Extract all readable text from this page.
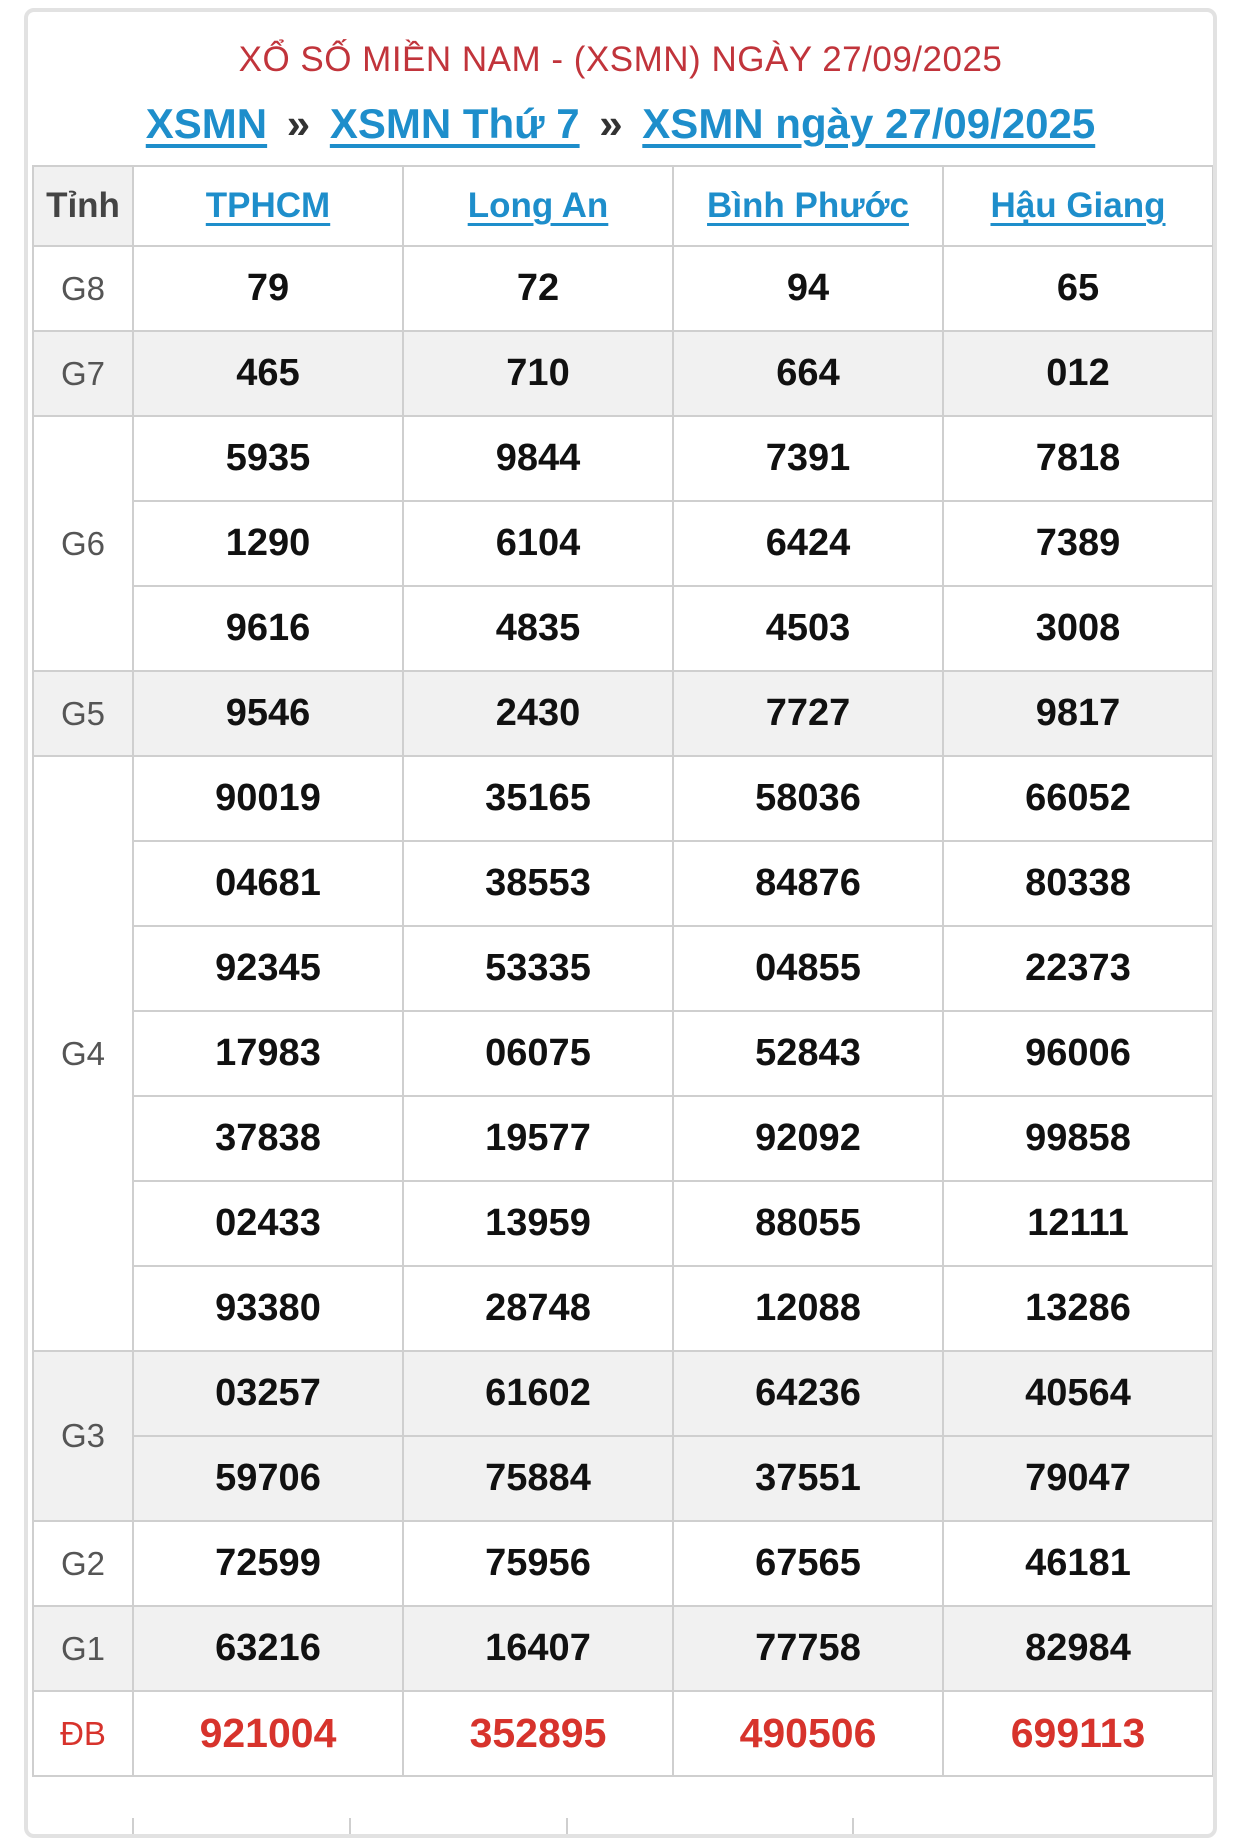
XỔ SỐ MIỀN NAM - (XSMN) NGÀY 27/09/2025
XSMN » XSMN Thứ 7 » XSMN ngày 27/09/2025
Tỉnh	TPHCM	Long An	Bình Phước	Hậu Giang
G8	79	72	94	65
G7	465	710	664	012
G6	5935	9844	7391	7818
	1290	6104	6424	7389
	9616	4835	4503	3008
G5	9546	2430	7727	9817
G4	90019	35165	58036	66052
	04681	38553	84876	80338
	92345	53335	04855	22373
	17983	06075	52843	96006
	37838	19577	92092	99858
	02433	13959	88055	12111
	93380	28748	12088	13286
G3	03257	61602	64236	40564
	59706	75884	37551	79047
G2	72599	75956	67565	46181
G1	63216	16407	77758	82984
ĐB	921004	352895	490506	699113
